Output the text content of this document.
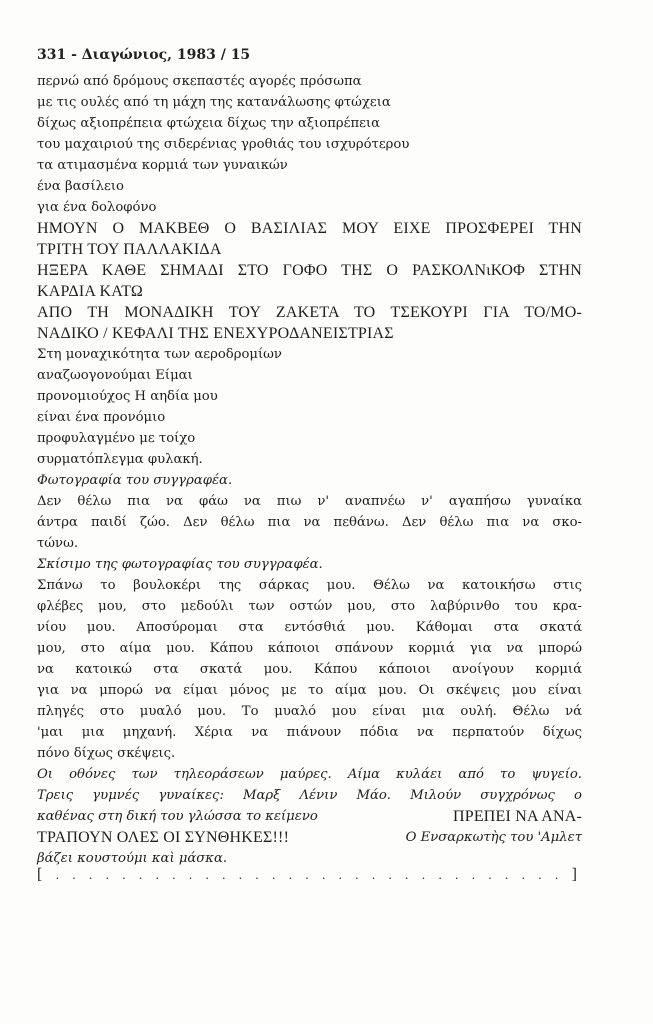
331 - Διαγώνιος, 1983 / 15
περνώ από δρόμους σκεπαστές αγορές πρόσωπα
με τις ουλές από τη μάχη της κατανάλωσης φτώχεια
δίχως αξιοπρέπεια φτώχεια δίχως την αξιοπρέπεια
του μαχαιριού της σιδερένιας γροθιάς του ισχυρότερου
τα ατιμασμένα κορμιά των γυναικών
ένα βασίλειο
για ένα δολοφόνο
ΗΜΟΥΝ Ο ΜΑΚΒΕΘ Ο ΒΑΣΙΛΙΑΣ ΜΟΥ ΕΙΧΕ ΠΡΟΣΦΕΡΕΙ ΤΗΝ
ΤΡΙΤΗ ΤΟΥ ΠΑΛΛΑΚΙΔΑ
ΗΞΕΡΑ ΚΑΘΕ ΣΗΜΑΔΙ ΣΤΟ ΓΟΦΟ ΤΗΣ Ο ΡΑΣΚΟΛΝιΚΟΦ ΣΤΗΝ
ΚΑΡΔΙΑ ΚΑΤΩ
ΑΠΟ ΤΗ ΜΟΝΑΔΙΚΗ ΤΟΥ ΖΑΚΕΤΑ ΤΟ ΤΣΕΚΟΥΡΙ ΓΙΑ ΤΟ/ΜΟ-
ΝΑΔΙΚΟ / ΚΕΦΑΛΙ ΤΗΣ ΕΝΕΧΥΡΟΔΑΝΕΙΣΤΡΙΑΣ
Στη μοναχικότητα των αεροδρομίων
αναζωογονούμαι Είμαι
προνομιούχος Η αηδία μου
είναι ένα προνόμιο
προφυλαγμένο με τοίχο
συρματόπλεγμα φυλακή.
Φωτογραφία του συγγραφέα.
Δεν θέλω πια να φάω να πιω ν' αναπνέω ν' αγαπήσω γυναίκα
άντρα παιδί ζώο. Δεν θέλω πια να πεθάνω. Δεν θέλω πια να σκο-
τώνω.
Σκίσιμο της φωτογραφίας του συγγραφέα.
Σπάνω το βουλοκέρι της σάρκας μου. Θέλω να κατοικήσω στις
φλέβες μου, στο μεδούλι των οστών μου, στο λαβύρινθο του κρα-
νίου μου. Αποσύρομαι στα εντόσθιά μου. Κάθομαι στα σκατά
μου, στο αίμα μου. Κάπου κάποιοι σπάνουν κορμιά για να μπορώ
να κατοικώ στα σκατά μου. Κάπου κάποιοι ανοίγουν κορμιά
για να μπορώ να είμαι μόνος με το αίμα μου. Οι σκέψεις μου είναι
πληγές στο μυαλό μου. Το μυαλό μου είναι μια ουλή. Θέλω νά
'μαι μια μηχανή. Χέρια να πιάνουν πόδια να περπατούν δίχως
πόνο δίχως σκέψεις.
Οι οθόνες των τηλεοράσεων μαύρες. Αίμα κυλάει από το ψυγείο.
Τρεις γυμνές γυναίκες: Μαρξ Λένιν Μάο. Μιλούν συγχρόνως ο
καθένας στη δική του γλώσσα το κείμενο	ΠΡΕΠΕΙ ΝΑ ΑΝΑ-
ΤΡΑΠΟΥΝ ΟΛΕΣ ΟΙ ΣΥΝΘΗΚΕΣ!!!	Ο Ενσαρκωτὴς του 'Αμλετ
βάζει κουστούμι καὶ μάσκα.
[ . . . . . . . . . . . . . . . . . . . . . . . . . . . . . . . ]
